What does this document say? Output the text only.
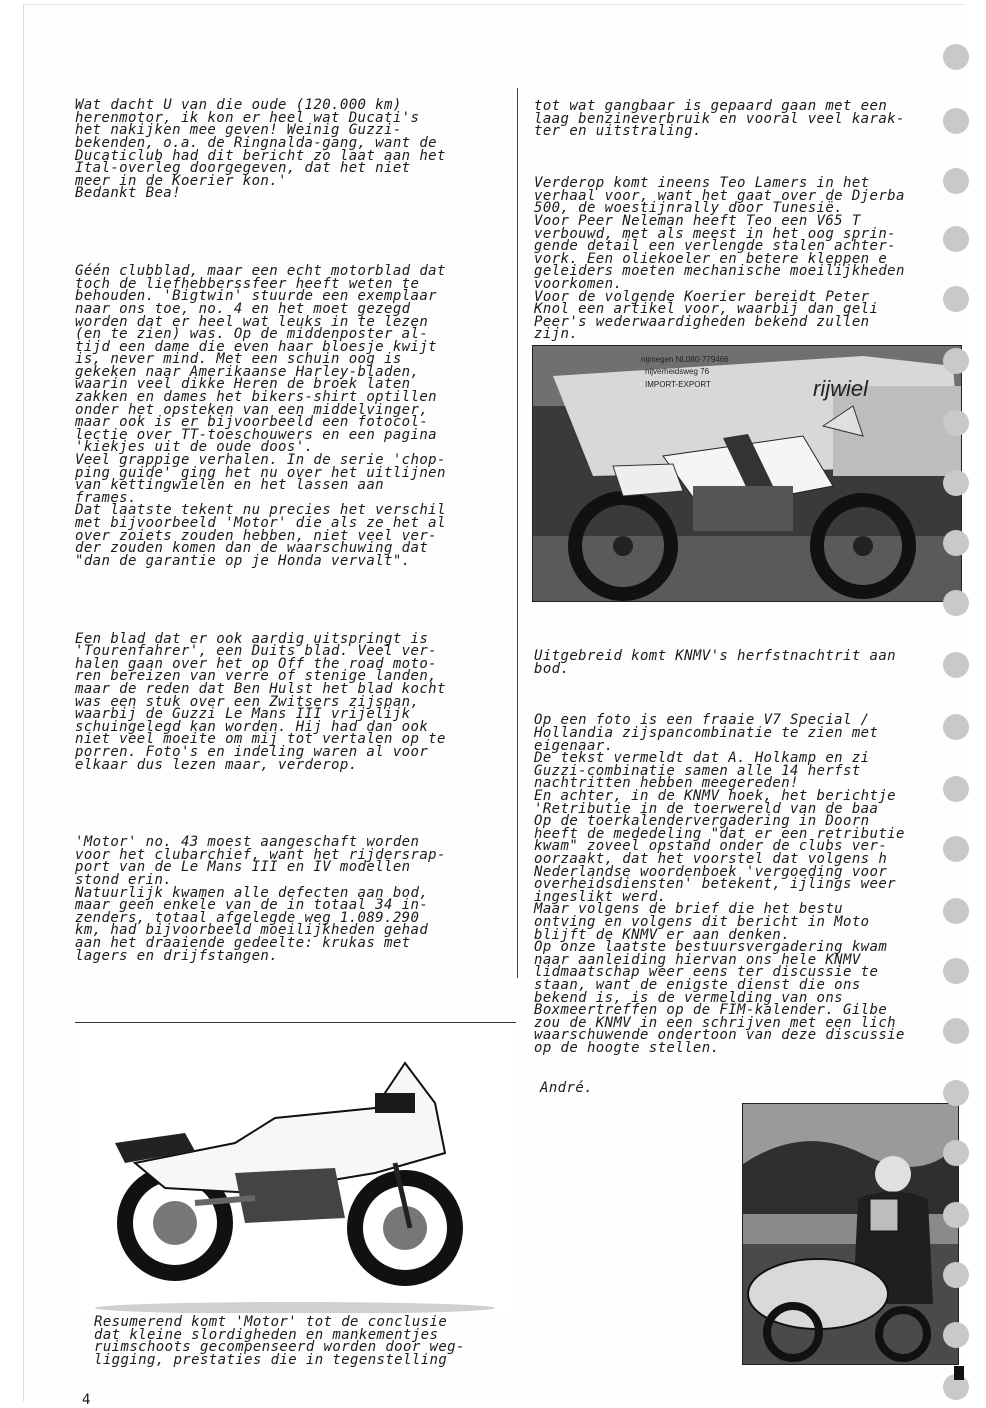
Wat dacht U van die oude (120.000 km)
herenmotor, ik kon er heel wat Ducati's
het nakijken mee geven! Weinig Guzzi-
bekenden, o.a. de Ringnalda-gang, want de
Ducaticlub had dit bericht zo laat aan het
Ital-overleg doorgegeven, dat het niet
meer in de Koerier kon.'
Bedankt Bea!

Géén clubblad, maar een echt motorblad dat
toch de liefhebberssfeer heeft weten te
behouden. 'Bigtwin' stuurde een exemplaar
naar ons toe, no. 4 en het moet gezegd
worden dat er heel wat leuks in te lezen
(en te zien) was. Op de middenposter al-
tijd een dame die even haar bloesje kwijt
is, never mind. Met een schuin oog is
gekeken naar Amerikaanse Harley-bladen,
waarin veel dikke Heren de broek laten
zakken en dames het bikers-shirt optillen
onder het opsteken van een middelvinger,
maar ook is er bijvoorbeeld een fotocol-
lectie over TT-toeschouwers en een pagina
'kiekjes uit de oude doos'.
Veel grappige verhalen. In de serie 'chop-
ping guide' ging het nu over het uitlijnen
van kettingwielen en het lassen aan
frames.
Dat laatste tekent nu precies het verschil
met bijvoorbeeld 'Motor' die als ze het al
over zoiets zouden hebben, niet veel ver-
der zouden komen dan de waarschuwing dat
"dan de garantie op je Honda vervalt".

Een blad dat er ook aardig uitspringt is
'Tourenfahrer', een Duits blad. Veel ver-
halen gaan over het op Off the road moto-
ren bereizen van verre of stenige landen,
maar de reden dat Ben Hulst het blad kocht
was een stuk over een Zwitsers zijspan,
waarbij de Guzzi Le Mans III vrijelijk
schuingelegd kan worden. Hij had dan ook
niet veel moeite om mij tot vertalen op te
porren. Foto's en indeling waren al voor
elkaar dus lezen maar, verderop.

'Motor' no. 43 moest aangeschaft worden
voor het clubarchief, want het rijdersrap-
port van de Le Mans III en IV modellen
stond erin.
Natuurlijk kwamen alle defecten aan bod,
maar geen enkele van de in totaal 34 in-
zenders, totaal afgelegde weg 1.089.290
km, had bijvoorbeeld moeilijkheden gehad
aan het draaiende gedeelte: krukas met
lagers en drijfstangen.

tot wat gangbaar is gepaard gaan met een
laag benzineverbruik en vooral veel karak-
ter en uitstraling.

Verderop komt ineens Teo Lamers in het
verhaal voor, want het gaat over de Djerba
500, de woestijnrally door Tunesië.
Voor Peer Neleman heeft Teo een V65 T
verbouwd, met als meest in het oog sprin-
gende detail een verlengde stalen achter-
vork. Een oliekoeler en betere kleppen e
geleiders moeten mechanische moeilijkheden
voorkomen.
Voor de volgende Koerier bereidt Peter
Knol een artikel voor, waarbij dan geli
Peer's wederwaardigheden bekend zullen
zijn.

Uitgebreid komt KNMV's herfstnachtrit aan
bod.

Op een foto is een fraaie V7 Special /
Hollandia zijspancombinatie te zien met
eigenaar.
De tekst vermeldt dat A. Holkamp en zi
Guzzi-combinatie samen alle 14 herfst
nachtritten hebben meegereden!
En achter, in de KNMV hoek, het berichtje
'Retributie in de toerwereld van de baa
Op de toerkalendervergadering in Doorn
heeft de mededeling "dat er een retributie
kwam" zoveel opstand onder de clubs ver-
oorzaakt, dat het voorstel dat volgens h
Nederlandse woordenboek 'vergoeding voor
overheidsdiensten' betekent, ijlings weer
ingeslikt werd.
Maar volgens de brief die het bestu
ontving en volgens dit bericht in Moto
blijft de KNMV er aan denken.
Op onze laatste bestuursvergadering kwam
naar aanleiding hiervan ons hele KNMV
lidmaatschap weer eens ter discussie te
staan, want de enigste dienst die ons
bekend is, is de vermelding van ons
Boxmeertreffen op de FIM-kalender. Gilbe
zou de KNMV in een schrijven met een lich
waarschuwende ondertoon van deze discussie
op de hoogte stellen.

nijmegen NL080-779466
nijverheidsweg 76
IMPORT-EXPORT	rijwiel
Resumerend komt 'Motor' tot de conclusie
dat kleine slordigheden en mankementjes
ruimschoots gecompenseerd worden door weg-
ligging, prestaties die in tegenstelling
André.
4
